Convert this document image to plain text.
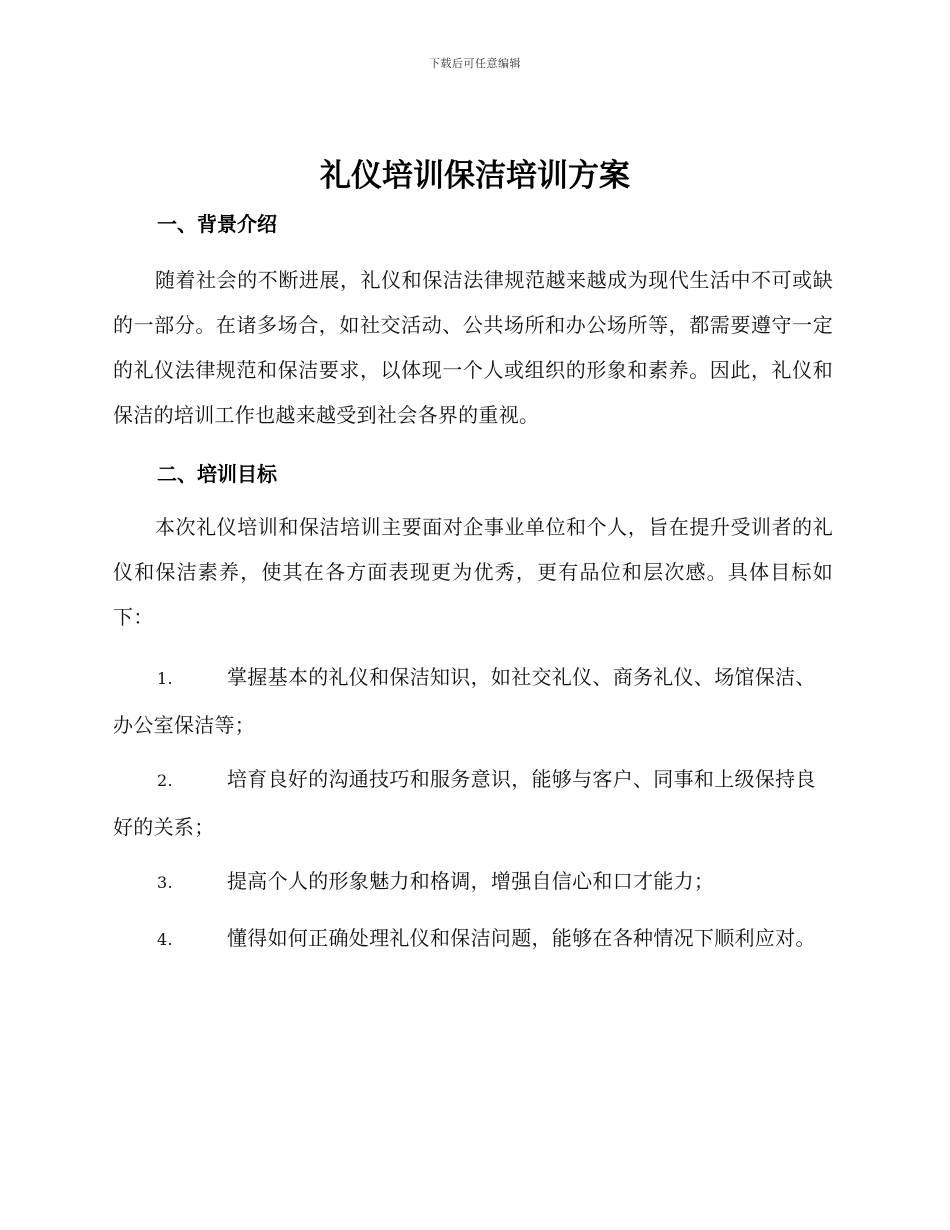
下载后可任意编辑
礼仪培训保洁培训方案
一、背景介绍
随着社会的不断进展，礼仪和保洁法律规范越来越成为现代生活中不可或缺的一部分。在诸多场合，如社交活动、公共场所和办公场所等，都需要遵守一定的礼仪法律规范和保洁要求，以体现一个人或组织的形象和素养。因此，礼仪和保洁的培训工作也越来越受到社会各界的重视。
二、培训目标
本次礼仪培训和保洁培训主要面对企事业单位和个人，旨在提升受训者的礼仪和保洁素养，使其在各方面表现更为优秀，更有品位和层次感。具体目标如下：
1.	掌握基本的礼仪和保洁知识，如社交礼仪、商务礼仪、场馆保洁、办公室保洁等；
2.	培育良好的沟通技巧和服务意识，能够与客户、同事和上级保持良好的关系；
3.	提高个人的形象魅力和格调，增强自信心和口才能力；
4.	懂得如何正确处理礼仪和保洁问题，能够在各种情况下顺利应对。
